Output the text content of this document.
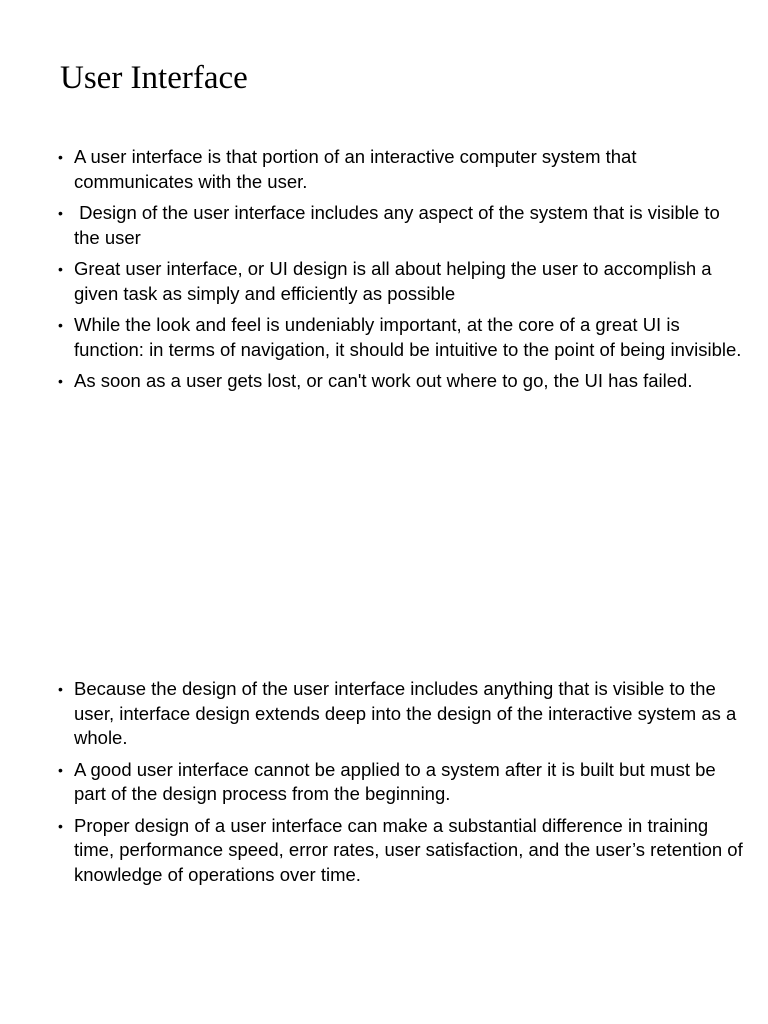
User Interface
• A user interface is that portion of an interactive computer system that communicates with the user.
• Design of the user interface includes any aspect of the system that is visible to the user
• Great user interface, or UI design is all about helping the user to accomplish a given task as simply and efficiently as possible
• While the look and feel is undeniably important, at the core of a great UI is function: in terms of navigation, it should be intuitive to the point of being invisible.
• As soon as a user gets lost, or can't work out where to go, the UI has failed.
• Because the design of the user interface includes anything that is visible to the user, interface design extends deep into the design of the interactive system as a whole.
• A good user interface cannot be applied to a system after it is built but must be part of the design process from the beginning.
• Proper design of a user interface can make a substantial difference in training time, performance speed, error rates, user satisfaction, and the user’s retention of knowledge of operations over time.
